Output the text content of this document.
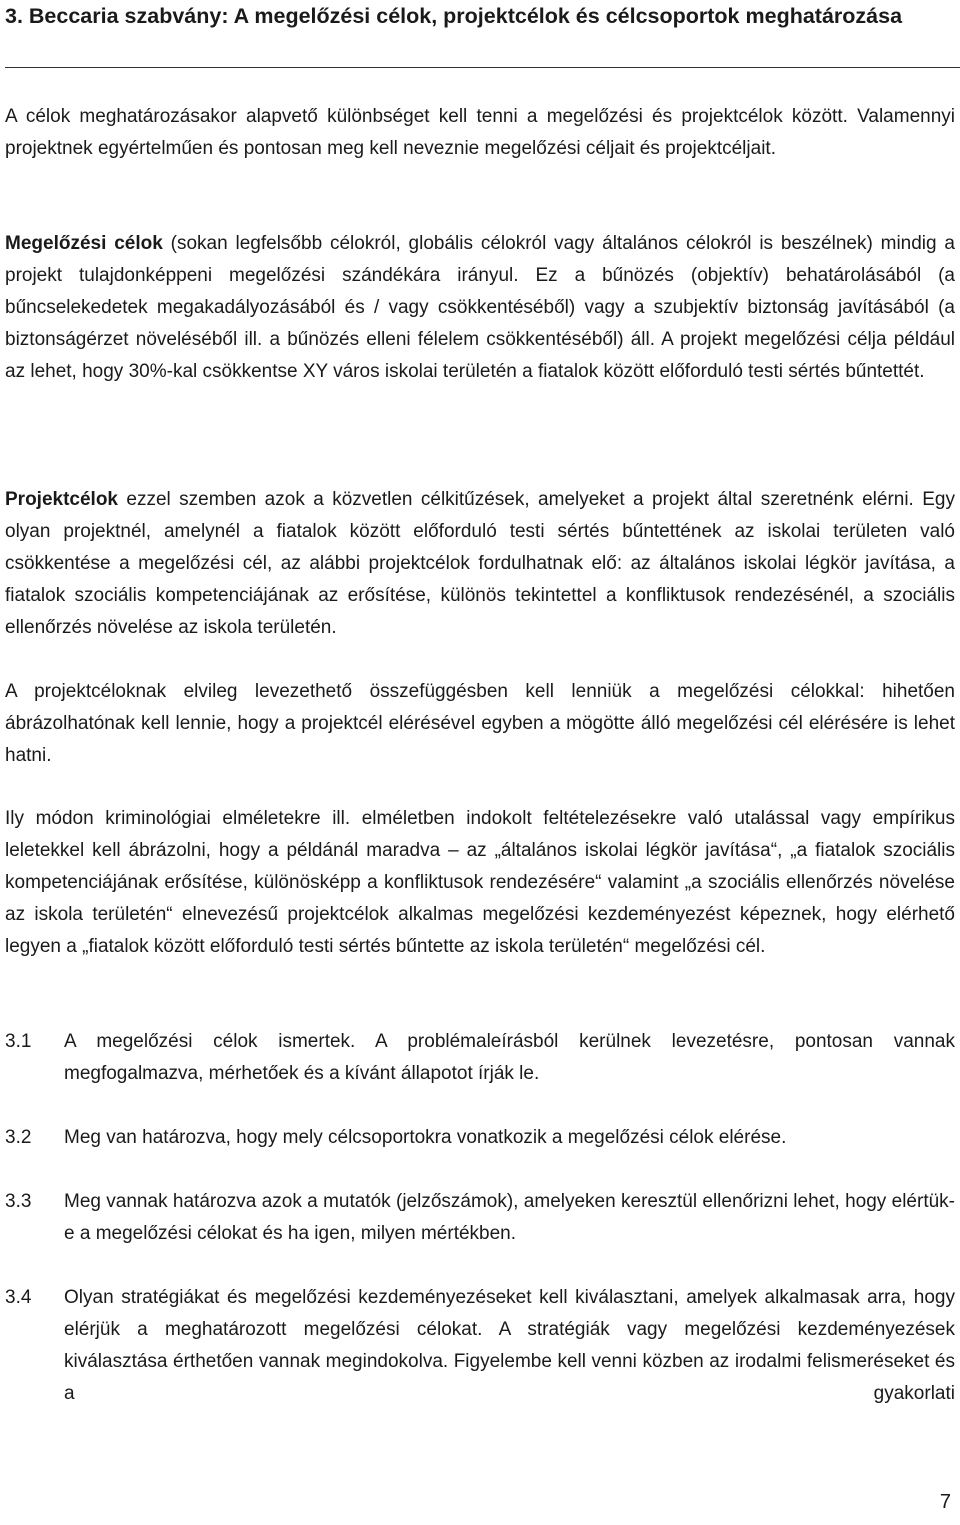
3. Beccaria szabvány: A megelőzési célok, projektcélok és célcsoportok meghatározása

A célok meghatározásakor alapvető különbséget kell tenni a megelőzési és projektcélok között. Valamennyi projektnek egyértelműen és pontosan meg kell neveznie megelőzési céljait és projektcéljait.

Megelőzési célok (sokan legfelsőbb célokról, globális célokról vagy általános célokról is beszélnek) mindig a projekt tulajdonképpeni megelőzési szándékára irányul. Ez a bűnözés (objektív) behatárolásából (a bűncselekedetek megakadályozásából és / vagy csökkentéséből) vagy a szubjektív biztonság javításából (a biztonságérzet növeléséből ill. a bűnözés elleni félelem csökkentéséből) áll. A projekt megelőzési célja például az lehet, hogy 30%-kal csökkentse XY város iskolai területén a fiatalok között előforduló testi sértés bűntettét.

Projektcélok ezzel szemben azok a közvetlen célkitűzések, amelyeket a projekt által szeretnénk elérni. Egy olyan projektnél, amelynél a fiatalok között előforduló testi sértés bűntettének az iskolai területen való csökkentése a megelőzési cél, az alábbi projektcélok fordulhatnak elő: az általános iskolai légkör javítása, a fiatalok szociális kompetenciájának az erősítése, különös tekintettel a konfliktusok rendezésénél, a szociális ellenőrzés növelése az iskola területén.

A projektcéloknak elvileg levezethető összefüggésben kell lenniük a megelőzési célokkal: hihetően ábrázolhatónak kell lennie, hogy a projektcél elérésével egyben a mögötte álló megelőzési cél elérésére is lehet hatni.

Ily módon kriminológiai elméletekre ill. elméletben indokolt feltételezésekre való utalással vagy empírikus leletekkel kell ábrázolni, hogy a példánál maradva – az „általános iskolai légkör javítása“, „a fiatalok szociális kompetenciájának erősítése, különösképp a konfliktusok rendezésére“ valamint „a szociális ellenőrzés növelése az iskola területén“ elnevezésű projektcélok alkalmas megelőzési kezdeményezést képeznek, hogy elérhető legyen a „fiatalok között előforduló testi sértés bűntette az iskola területén“ megelőzési cél.

3.1 A megelőzési célok ismertek. A problémaleírásból kerülnek levezetésre, pontosan vannak megfogalmazva, mérhetőek és a kívánt állapotot írják le.

3.2 Meg van határozva, hogy mely célcsoportokra vonatkozik a megelőzési célok elérése.

3.3 Meg vannak határozva azok a mutatók (jelzőszámok), amelyeken keresztül ellenőrizni lehet, hogy elértük-e a megelőzési célokat és ha igen, milyen mértékben.

3.4 Olyan stratégiákat és megelőzési kezdeményezéseket kell kiválasztani, amelyek alkalmasak arra, hogy elérjük a meghatározott megelőzési célokat. A stratégiák vagy megelőzési kezdeményezések kiválasztása érthetően vannak megindokolva. Figyelembe kell venni közben az irodalmi felismeréseket és a gyakorlati

7
